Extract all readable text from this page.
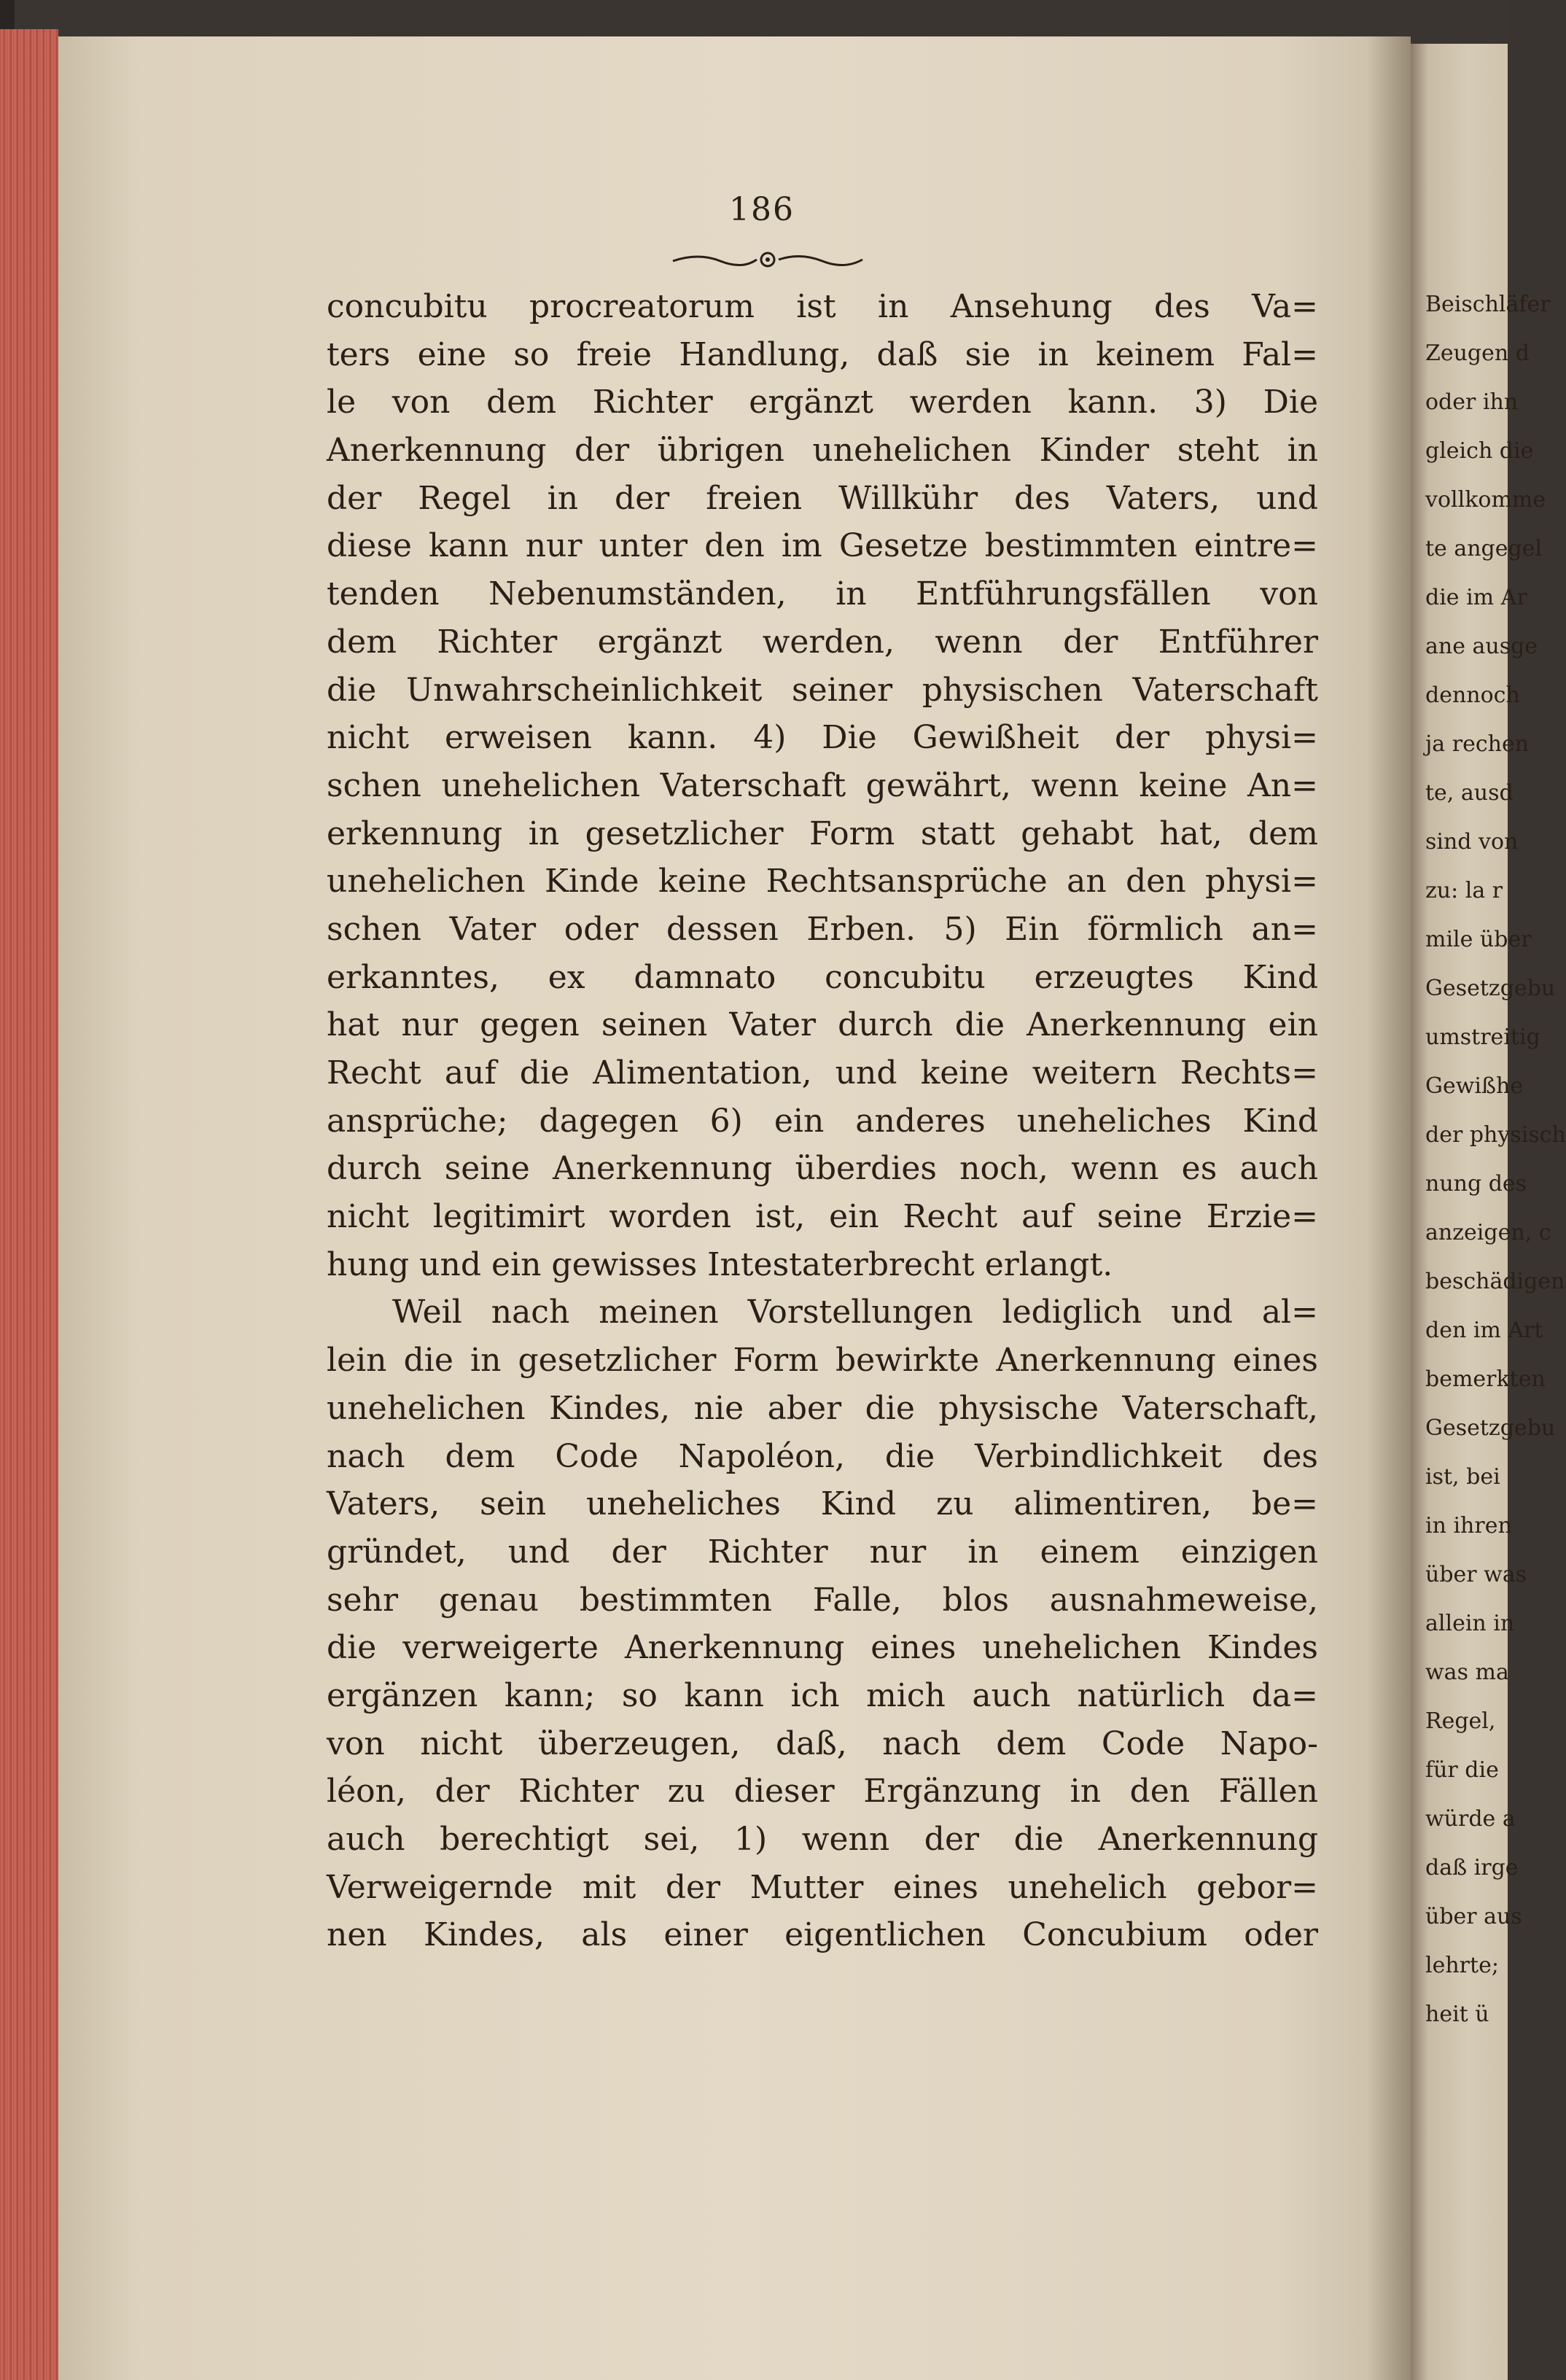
186
concubitu procreatorum ist in Ansehung des Va=
ters eine so freie Handlung, daß sie in keinem Fal=
le von dem Richter ergänzt werden kann. 3) Die
Anerkennung der übrigen unehelichen Kinder steht in
der Regel in der freien Willkühr des Vaters, und
diese kann nur unter den im Gesetze bestimmten eintre=
tenden Nebenumständen, in Entführungsfällen von
dem Richter ergänzt werden, wenn der Entführer
die Unwahrscheinlichkeit seiner physischen Vaterschaft
nicht erweisen kann. 4) Die Gewißheit der physi=
schen unehelichen Vaterschaft gewährt, wenn keine An=
erkennung in gesetzlicher Form statt gehabt hat, dem
unehelichen Kinde keine Rechtsansprüche an den physi=
schen Vater oder dessen Erben. 5) Ein förmlich an=
erkanntes, ex damnato concubitu erzeugtes Kind
hat nur gegen seinen Vater durch die Anerkennung ein
Recht auf die Alimentation, und keine weitern Rechts=
ansprüche; dagegen 6) ein anderes uneheliches Kind
durch seine Anerkennung überdies noch, wenn es auch
nicht legitimirt worden ist, ein Recht auf seine Erzie=
hung und ein gewisses Intestaterbrecht erlangt.
Weil nach meinen Vorstellungen lediglich und al=
lein die in gesetzlicher Form bewirkte Anerkennung eines
unehelichen Kindes, nie aber die physische Vaterschaft,
nach dem Code Napoléon, die Verbindlichkeit des
Vaters, sein uneheliches Kind zu alimentiren, be=
gründet, und der Richter nur in einem einzigen
sehr genau bestimmten Falle, blos ausnahmeweise,
die verweigerte Anerkennung eines unehelichen Kindes
ergänzen kann; so kann ich mich auch natürlich da=
von nicht überzeugen, daß, nach dem Code Napo-
léon, der Richter zu dieser Ergänzung in den Fällen
auch berechtigt sei, 1) wenn der die Anerkennung
Verweigernde mit der Mutter eines unehelich gebor=
nen Kindes, als einer eigentlichen Concubium oder
Beischläfer
Zeugen d
oder ihn
gleich die
vollkomme
te angegel
die im Ar
ane ausge
dennoch
ja rechen
te, ausd
sind von
zu: la r
mile über
Gesetzgebu
umstreitig
Gewißhe
der physisch
nung des
anzeigen, c
beschädigen
den im Art
bemerkten
Gesetzgebu
ist, bei
in ihren
über was
allein in
was ma
Regel,
für die
würde a
daß irge
über aus
lehrte;
heit ü
